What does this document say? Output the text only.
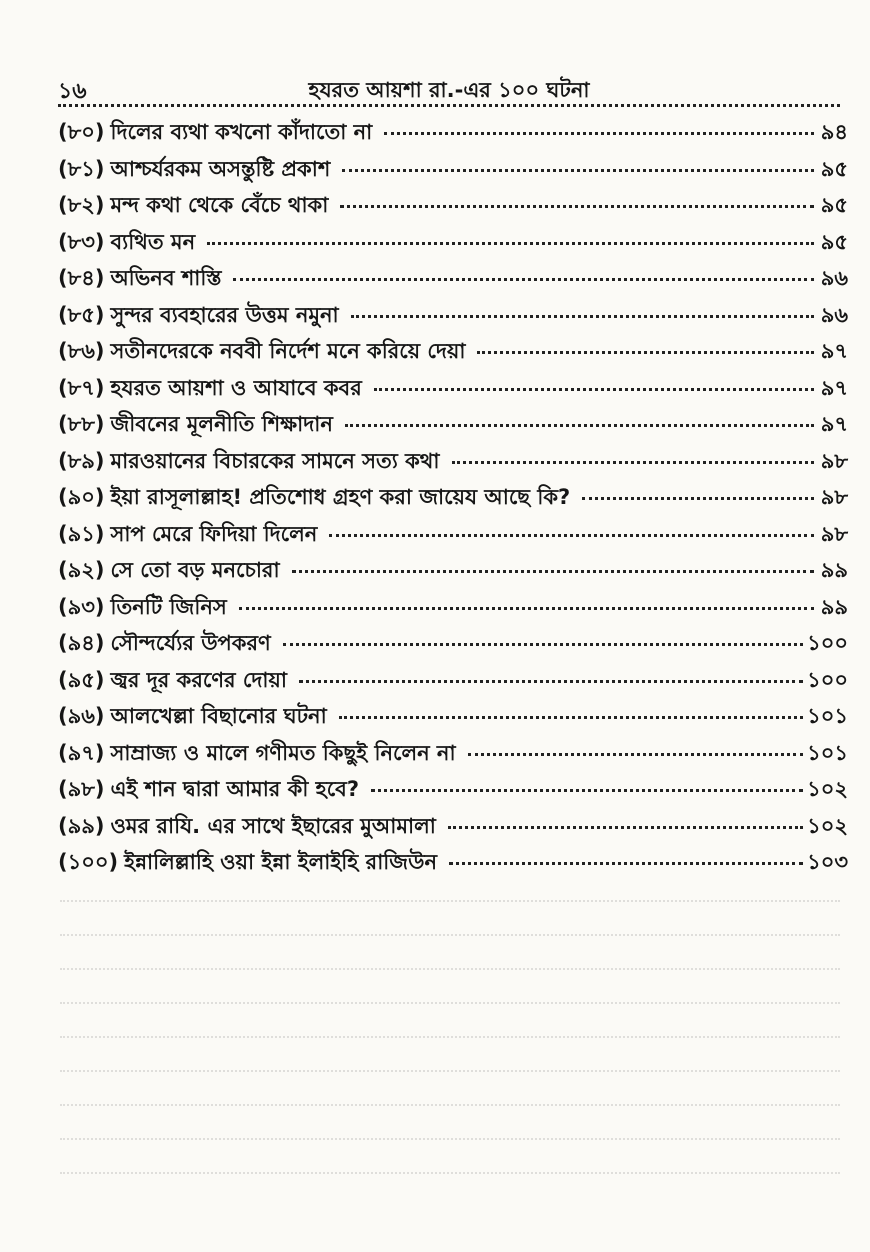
১৬	হযরত আয়শা রা.-এর ১০০ ঘটনা
(৮০) দিলের ব্যথা কখনো কাঁদাতো না	৯৪
(৮১) আশ্চর্যরকম অসন্তুষ্টি প্রকাশ	৯৫
(৮২) মন্দ কথা থেকে বেঁচে থাকা	৯৫
(৮৩) ব্যথিত মন	৯৫
(৮৪) অভিনব শাস্তি	৯৬
(৮৫) সুন্দর ব্যবহারের উত্তম নমুনা	৯৬
(৮৬) সতীনদেরকে নববী নির্দেশ মনে করিয়ে দেয়া	৯৭
(৮৭) হযরত আয়শা ও আযাবে কবর	৯৭
(৮৮) জীবনের মূলনীতি শিক্ষাদান	৯৭
(৮৯) মারওয়ানের বিচারকের সামনে সত্য কথা	৯৮
(৯০) ইয়া রাসূলাল্লাহ! প্রতিশোধ গ্রহণ করা জায়েয আছে কি?	৯৮
(৯১) সাপ মেরে ফিদিয়া দিলেন	৯৮
(৯২) সে তো বড় মনচোরা	৯৯
(৯৩) তিনটি জিনিস	৯৯
(৯৪) সৌন্দর্য্যের উপকরণ	১০০
(৯৫) জ্বর দূর করণের দোয়া	১০০
(৯৬) আলখেল্লা বিছানোর ঘটনা	১০১
(৯৭) সাম্রাজ্য ও মালে গণীমত কিছুই নিলেন না	১০১
(৯৮) এই শান দ্বারা আমার কী হবে?	১০২
(৯৯) ওমর রাযি. এর সাথে ইছারের মুআমালা	১০২
(১০০) ইন্নালিল্লাহি ওয়া ইন্না ইলাইহি রাজিউন	১০৩
